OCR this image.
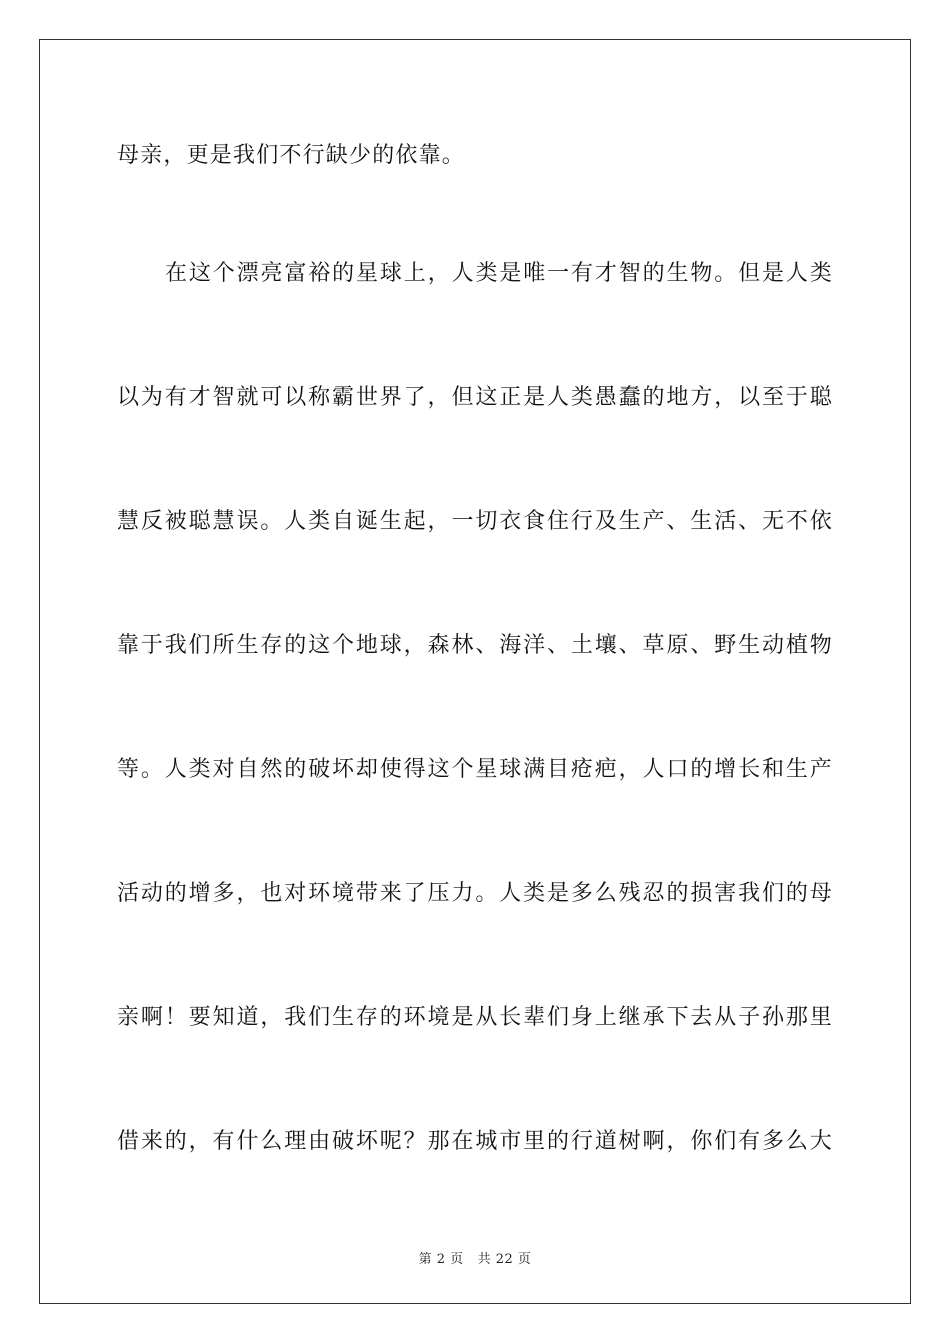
母亲，更是我们不行缺少的依靠。
在这个漂亮富裕的星球上，人类是唯一有才智的生物。但是人类
以为有才智就可以称霸世界了，但这正是人类愚蠢的地方，以至于聪
慧反被聪慧误。人类自诞生起，一切衣食住行及生产、生活、无不依
靠于我们所生存的这个地球，森林、海洋、土壤、草原、野生动植物
等。人类对自然的破坏却使得这个星球满目疮疤，人口的增长和生产
活动的增多，也对环境带来了压力。人类是多么残忍的损害我们的母
亲啊！要知道，我们生存的环境是从长辈们身上继承下去从子孙那里
借来的，有什么理由破坏呢？那在城市里的行道树啊，你们有多么大
第 2 页 共 22 页
